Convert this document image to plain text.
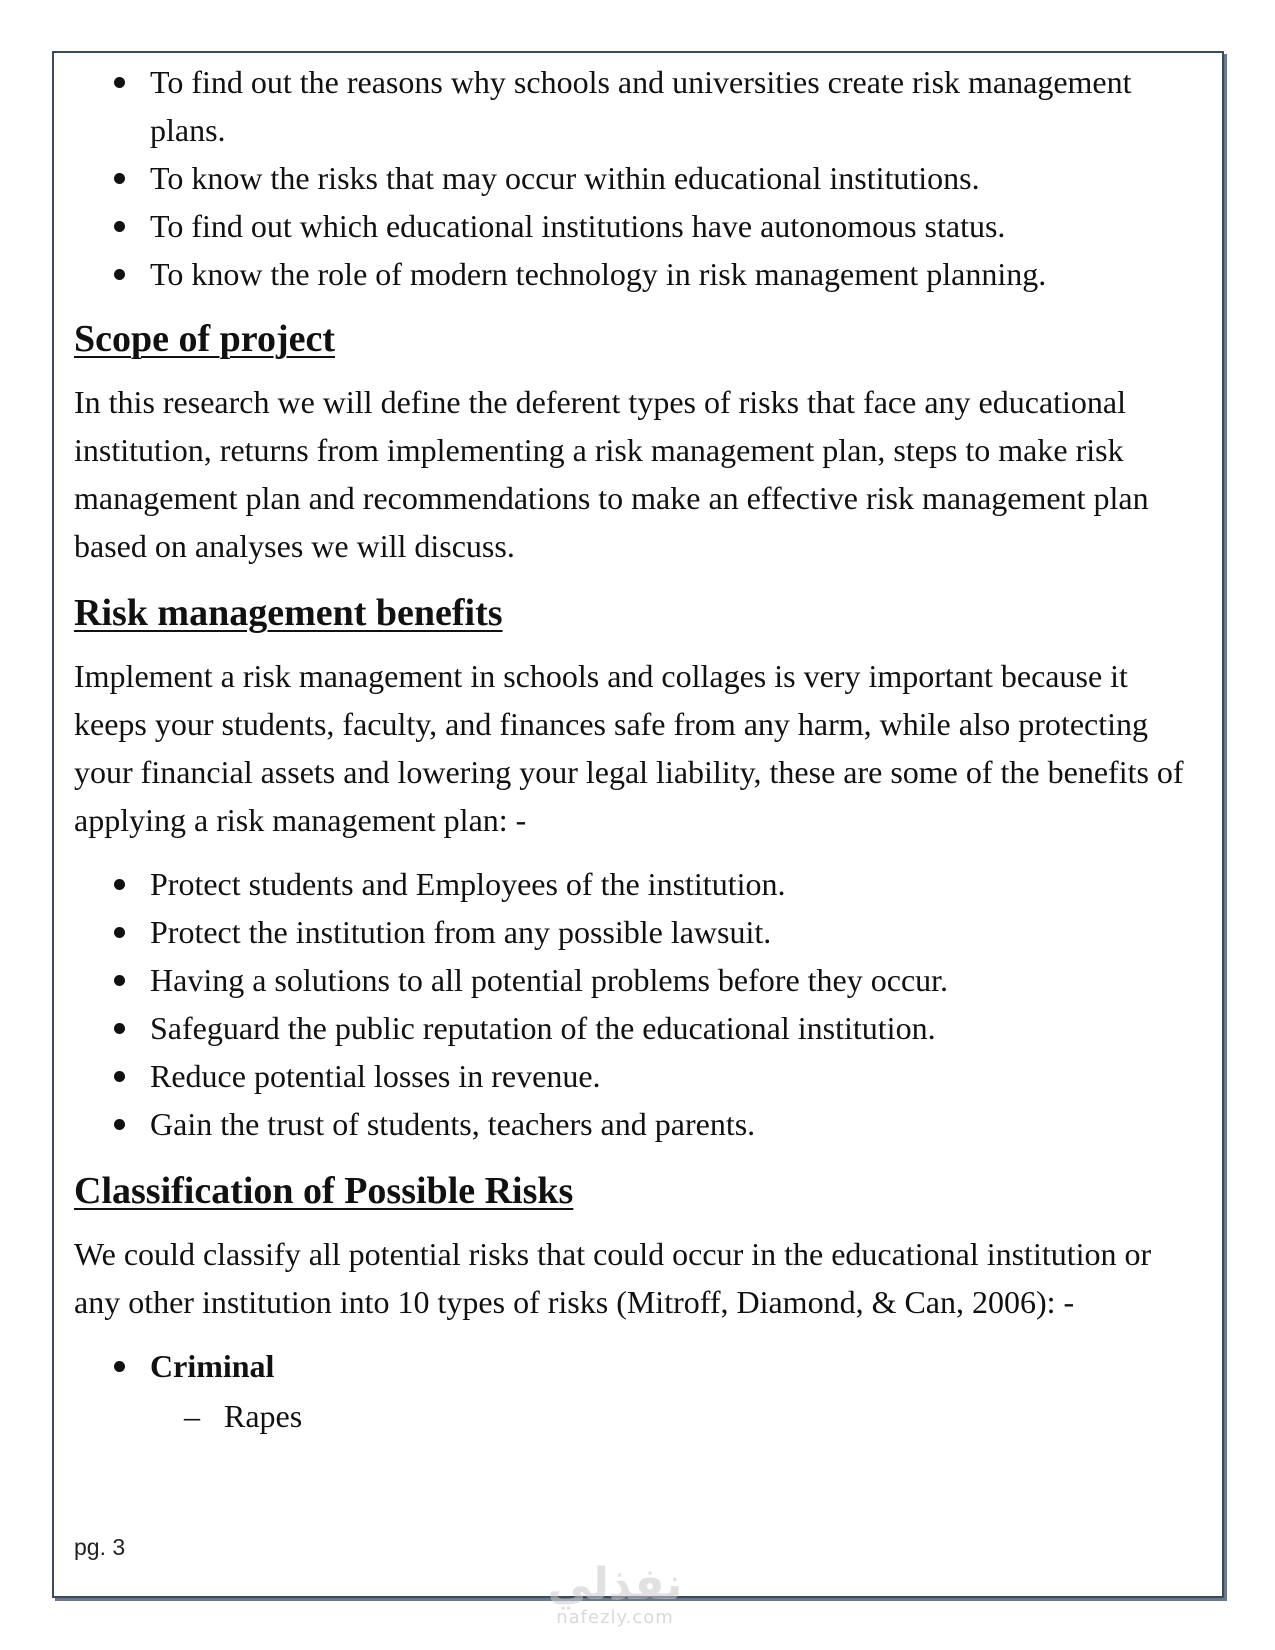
To find out the reasons why schools and universities create risk management plans.
To know the risks that may occur within educational institutions.
To find out which educational institutions have autonomous status.
To know the role of modern technology in risk management planning.
Scope of project

In this research we will define the deferent types of risks that face any educational institution, returns from implementing a risk management plan, steps to make risk management plan and recommendations to make an effective risk management plan based on analyses we will discuss.

Risk management benefits

Implement a risk management in schools and collages is very important because it keeps your students, faculty, and finances safe from any harm, while also protecting your financial assets and lowering your legal liability, these are some of the benefits of applying a risk management plan: -

Protect students and Employees of the institution.
Protect the institution from any possible lawsuit.
Having a solutions to all potential problems before they occur.
Safeguard the public reputation of the educational institution.
Reduce potential losses in revenue.
Gain the trust of students, teachers and parents.
Classification of Possible Risks

We could classify all potential risks that could occur in the educational institution or any other institution into 10 types of risks (Mitroff, Diamond, & Can, 2006): -

Criminal
– Rapes
pg. 3
نفذلي
nafezly.com
